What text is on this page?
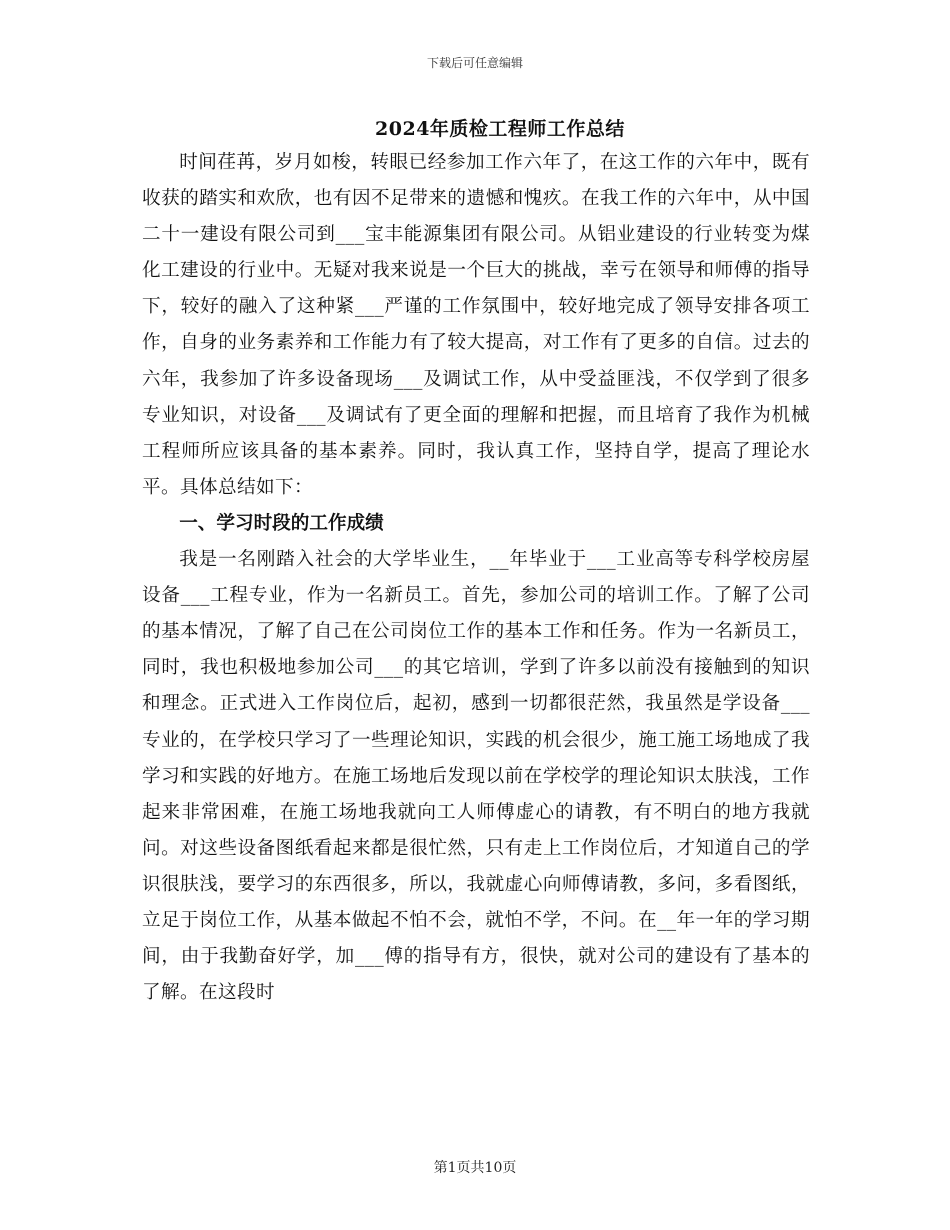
下载后可任意编辑
2024年质检工程师工作总结

时间荏苒，岁月如梭，转眼已经参加工作六年了，在这工作的六年中，既有收获的踏实和欢欣，也有因不足带来的遗憾和愧疚。在我工作的六年中，从中国二十一建设有限公司到___宝丰能源集团有限公司。从铝业建设的行业转变为煤化工建设的行业中。无疑对我来说是一个巨大的挑战，幸亏在领导和师傅的指导下，较好的融入了这种紧___严谨的工作氛围中，较好地完成了领导安排各项工作，自身的业务素养和工作能力有了较大提高，对工作有了更多的自信。过去的六年，我参加了许多设备现场___及调试工作，从中受益匪浅，不仅学到了很多专业知识，对设备___及调试有了更全面的理解和把握，而且培育了我作为机械工程师所应该具备的基本素养。同时，我认真工作，坚持自学，提高了理论水平。具体总结如下：

一、学习时段的工作成绩

我是一名刚踏入社会的大学毕业生，__年毕业于___工业高等专科学校房屋设备___工程专业，作为一名新员工。首先，参加公司的培训工作。了解了公司的基本情况，了解了自己在公司岗位工作的基本工作和任务。作为一名新员工，同时，我也积极地参加公司___的其它培训，学到了许多以前没有接触到的知识和理念。正式进入工作岗位后，起初，感到一切都很茫然，我虽然是学设备___专业的，在学校只学习了一些理论知识，实践的机会很少，施工施工场地成了我学习和实践的好地方。在施工场地后发现以前在学校学的理论知识太肤浅，工作起来非常困难，在施工场地我就向工人师傅虚心的请教，有不明白的地方我就问。对这些设备图纸看起来都是很忙然，只有走上工作岗位后，才知道自己的学识很肤浅，要学习的东西很多，所以，我就虚心向师傅请教，多问，多看图纸，立足于岗位工作，从基本做起不怕不会，就怕不学，不问。在__年一年的学习期间，由于我勤奋好学，加___傅的指导有方，很快，就对公司的建设有了基本的了解。在这段时

第1页共10页
